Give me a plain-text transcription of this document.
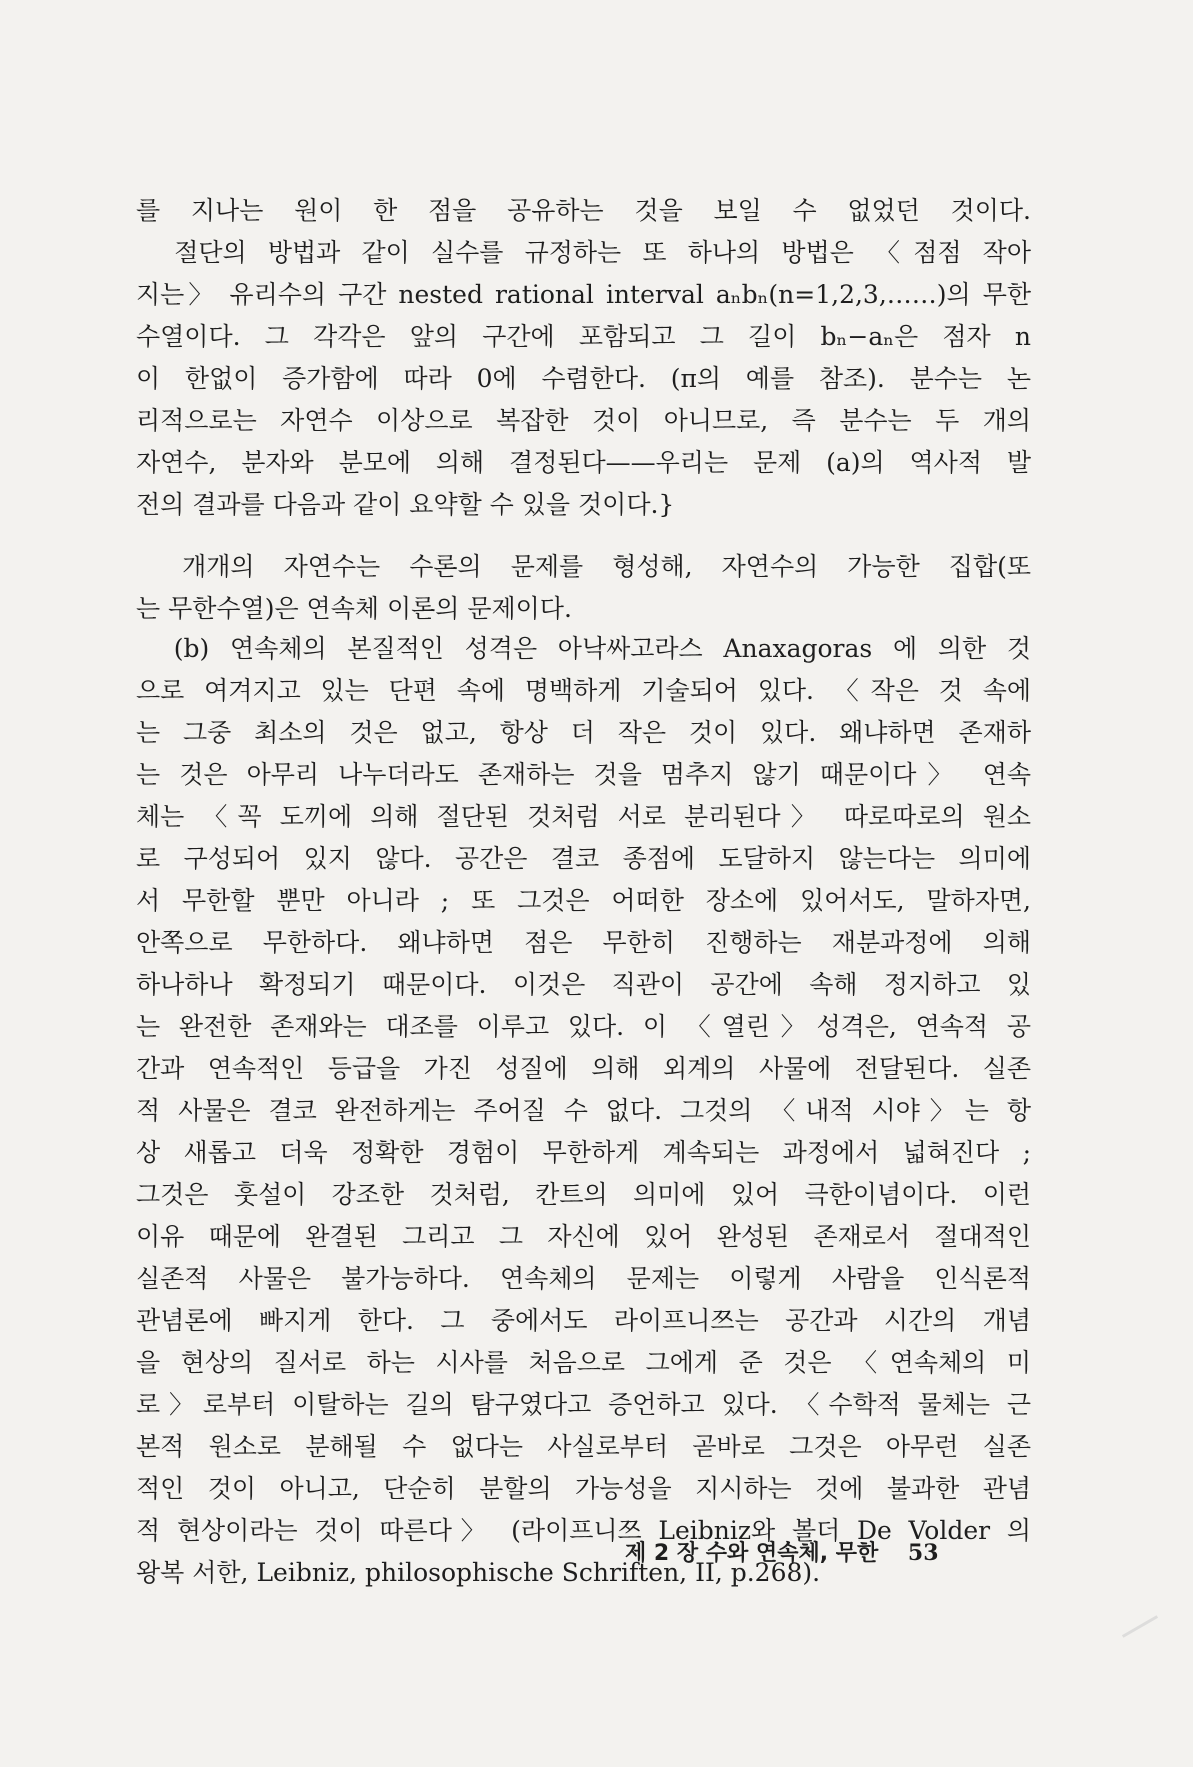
를 지나는 원이 한 점을 공유하는 것을 보일 수 없었던 것이다.
　절단의 방법과 같이 실수를 규정하는 또 하나의 방법은 〈점점 작아
지는〉 유리수의 구간 nested rational interval aₙbₙ(n=1,2,3,……)의 무한
수열이다. 그 각각은 앞의 구간에 포함되고 그 길이 bₙ−aₙ은 점자 n
이 한없이 증가함에 따라 0에 수렴한다. (π의 예를 참조). 분수는 논
리적으로는 자연수 이상으로 복잡한 것이 아니므로, 즉 분수는 두 개의
자연수, 분자와 분모에 의해 결정된다——우리는 문제 (a)의 역사적 발
전의 결과를 다음과 같이 요약할 수 있을 것이다.}
　개개의 자연수는 수론의 문제를 형성해, 자연수의 가능한 집합(또
는 무한수열)은 연속체 이론의 문제이다.
　(b) 연속체의 본질적인 성격은 아낙싸고라스 Anaxagoras 에 의한 것
으로 여겨지고 있는 단편 속에 명백하게 기술되어 있다. 〈작은 것 속에
는 그중 최소의 것은 없고, 항상 더 작은 것이 있다. 왜냐하면 존재하
는 것은 아무리 나누더라도 존재하는 것을 멈추지 않기 때문이다〉 연속
체는 〈꼭 도끼에 의해 절단된 것처럼 서로 분리된다〉 따로따로의 원소
로 구성되어 있지 않다. 공간은 결코 종점에 도달하지 않는다는 의미에
서 무한할 뿐만 아니라 ; 또 그것은 어떠한 장소에 있어서도, 말하자면,
안쪽으로 무한하다. 왜냐하면 점은 무한히 진행하는 재분과정에 의해
하나하나 확정되기 때문이다. 이것은 직관이 공간에 속해 정지하고 있
는 완전한 존재와는 대조를 이루고 있다. 이 〈열린〉성격은, 연속적 공
간과 연속적인 등급을 가진 성질에 의해 외계의 사물에 전달된다. 실존
적 사물은 결코 완전하게는 주어질 수 없다. 그것의 〈내적 시야〉는 항
상 새롭고 더욱 정확한 경험이 무한하게 계속되는 과정에서 넓혀진다 ;
그것은 훗설이 강조한 것처럼, 칸트의 의미에 있어 극한이념이다. 이런
이유 때문에 완결된 그리고 그 자신에 있어 완성된 존재로서 절대적인
실존적 사물은 불가능하다. 연속체의 문제는 이렇게 사람을 인식론적
관념론에 빠지게 한다. 그 중에서도 라이프니쯔는 공간과 시간의 개념
을 현상의 질서로 하는 시사를 처음으로 그에게 준 것은 〈연속체의 미
로〉로부터 이탈하는 길의 탐구였다고 증언하고 있다. 〈수학적 물체는 근
본적 원소로 분해될 수 없다는 사실로부터 곧바로 그것은 아무런 실존
적인 것이 아니고, 단순히 분할의 가능성을 지시하는 것에 불과한 관념
적 현상이라는 것이 따른다〉 (라이프니쯔 Leibniz와 볼더 De Volder 의
왕복 서한, Leibniz, philosophische Schriften, II, p.268).
제 2 장 수와 연속체, 무한 53
